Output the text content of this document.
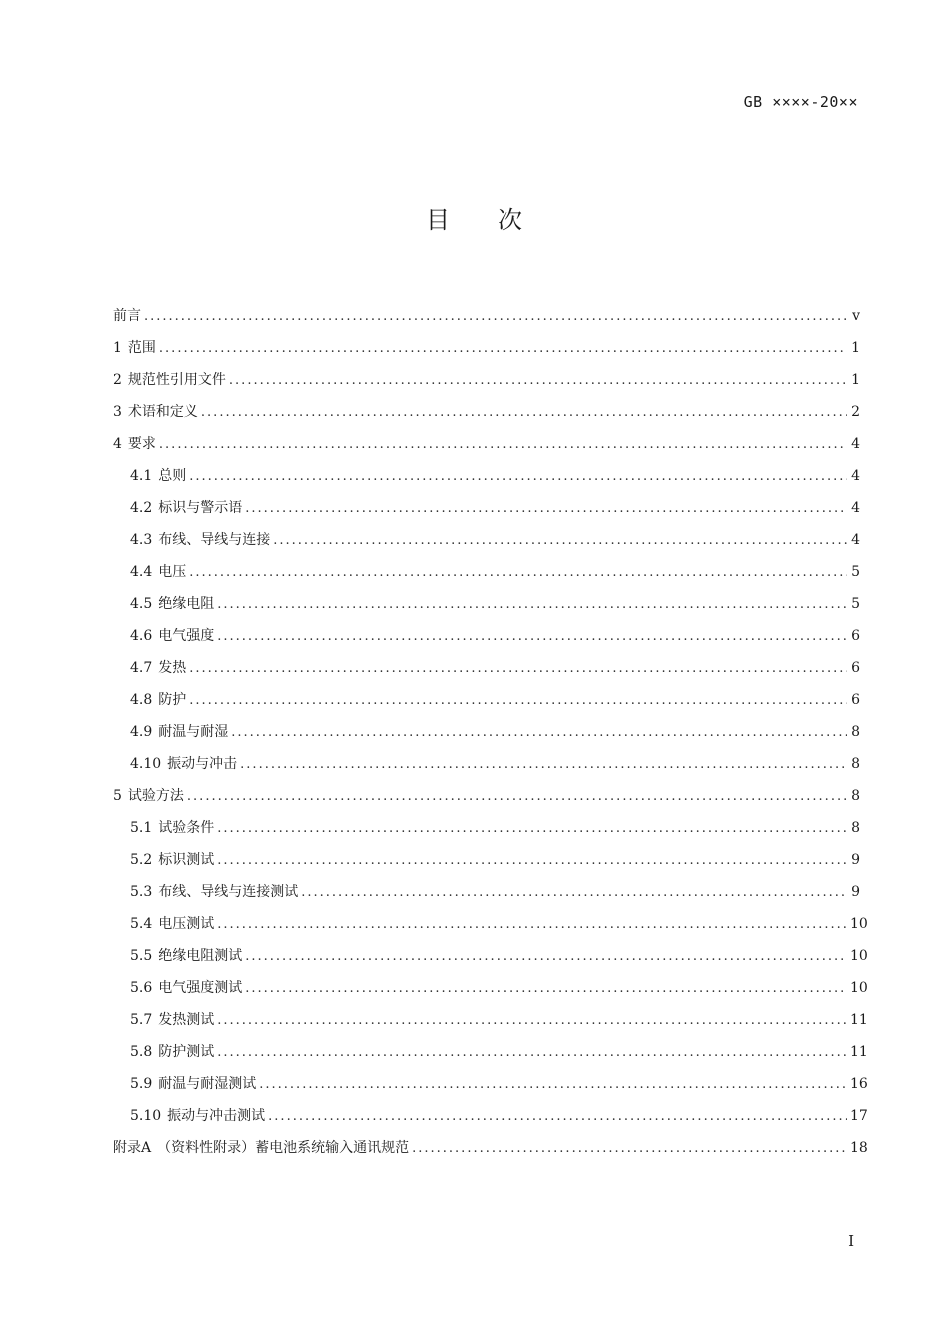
GB ××××-20××
目 次
前言 .....	v
1 范围 .....	1
2 规范性引用文件 .....	1
3 术语和定义 .....	2
4 要求 .....	4
4.1 总则 .....	4
4.2 标识与警示语 .....	4
4.3 布线、导线与连接 .....	4
4.4 电压 .....	5
4.5 绝缘电阻 .....	5
4.6 电气强度 .....	6
4.7 发热 .....	6
4.8 防护 .....	6
4.9 耐温与耐湿 .....	8
4.10 振动与冲击 .....	8
5 试验方法 .....	8
5.1 试验条件 .....	8
5.2 标识测试 .....	9
5.3 布线、导线与连接测试 .....	9
5.4 电压测试 .....	10
5.5 绝缘电阻测试 .....	10
5.6 电气强度测试 .....	10
5.7 发热测试 .....	11
5.8 防护测试 .....	11
5.9 耐温与耐湿测试 .....	16
5.10 振动与冲击测试 .....	17
附录A （资料性附录）蓄电池系统输入通讯规范 .....	18
I
